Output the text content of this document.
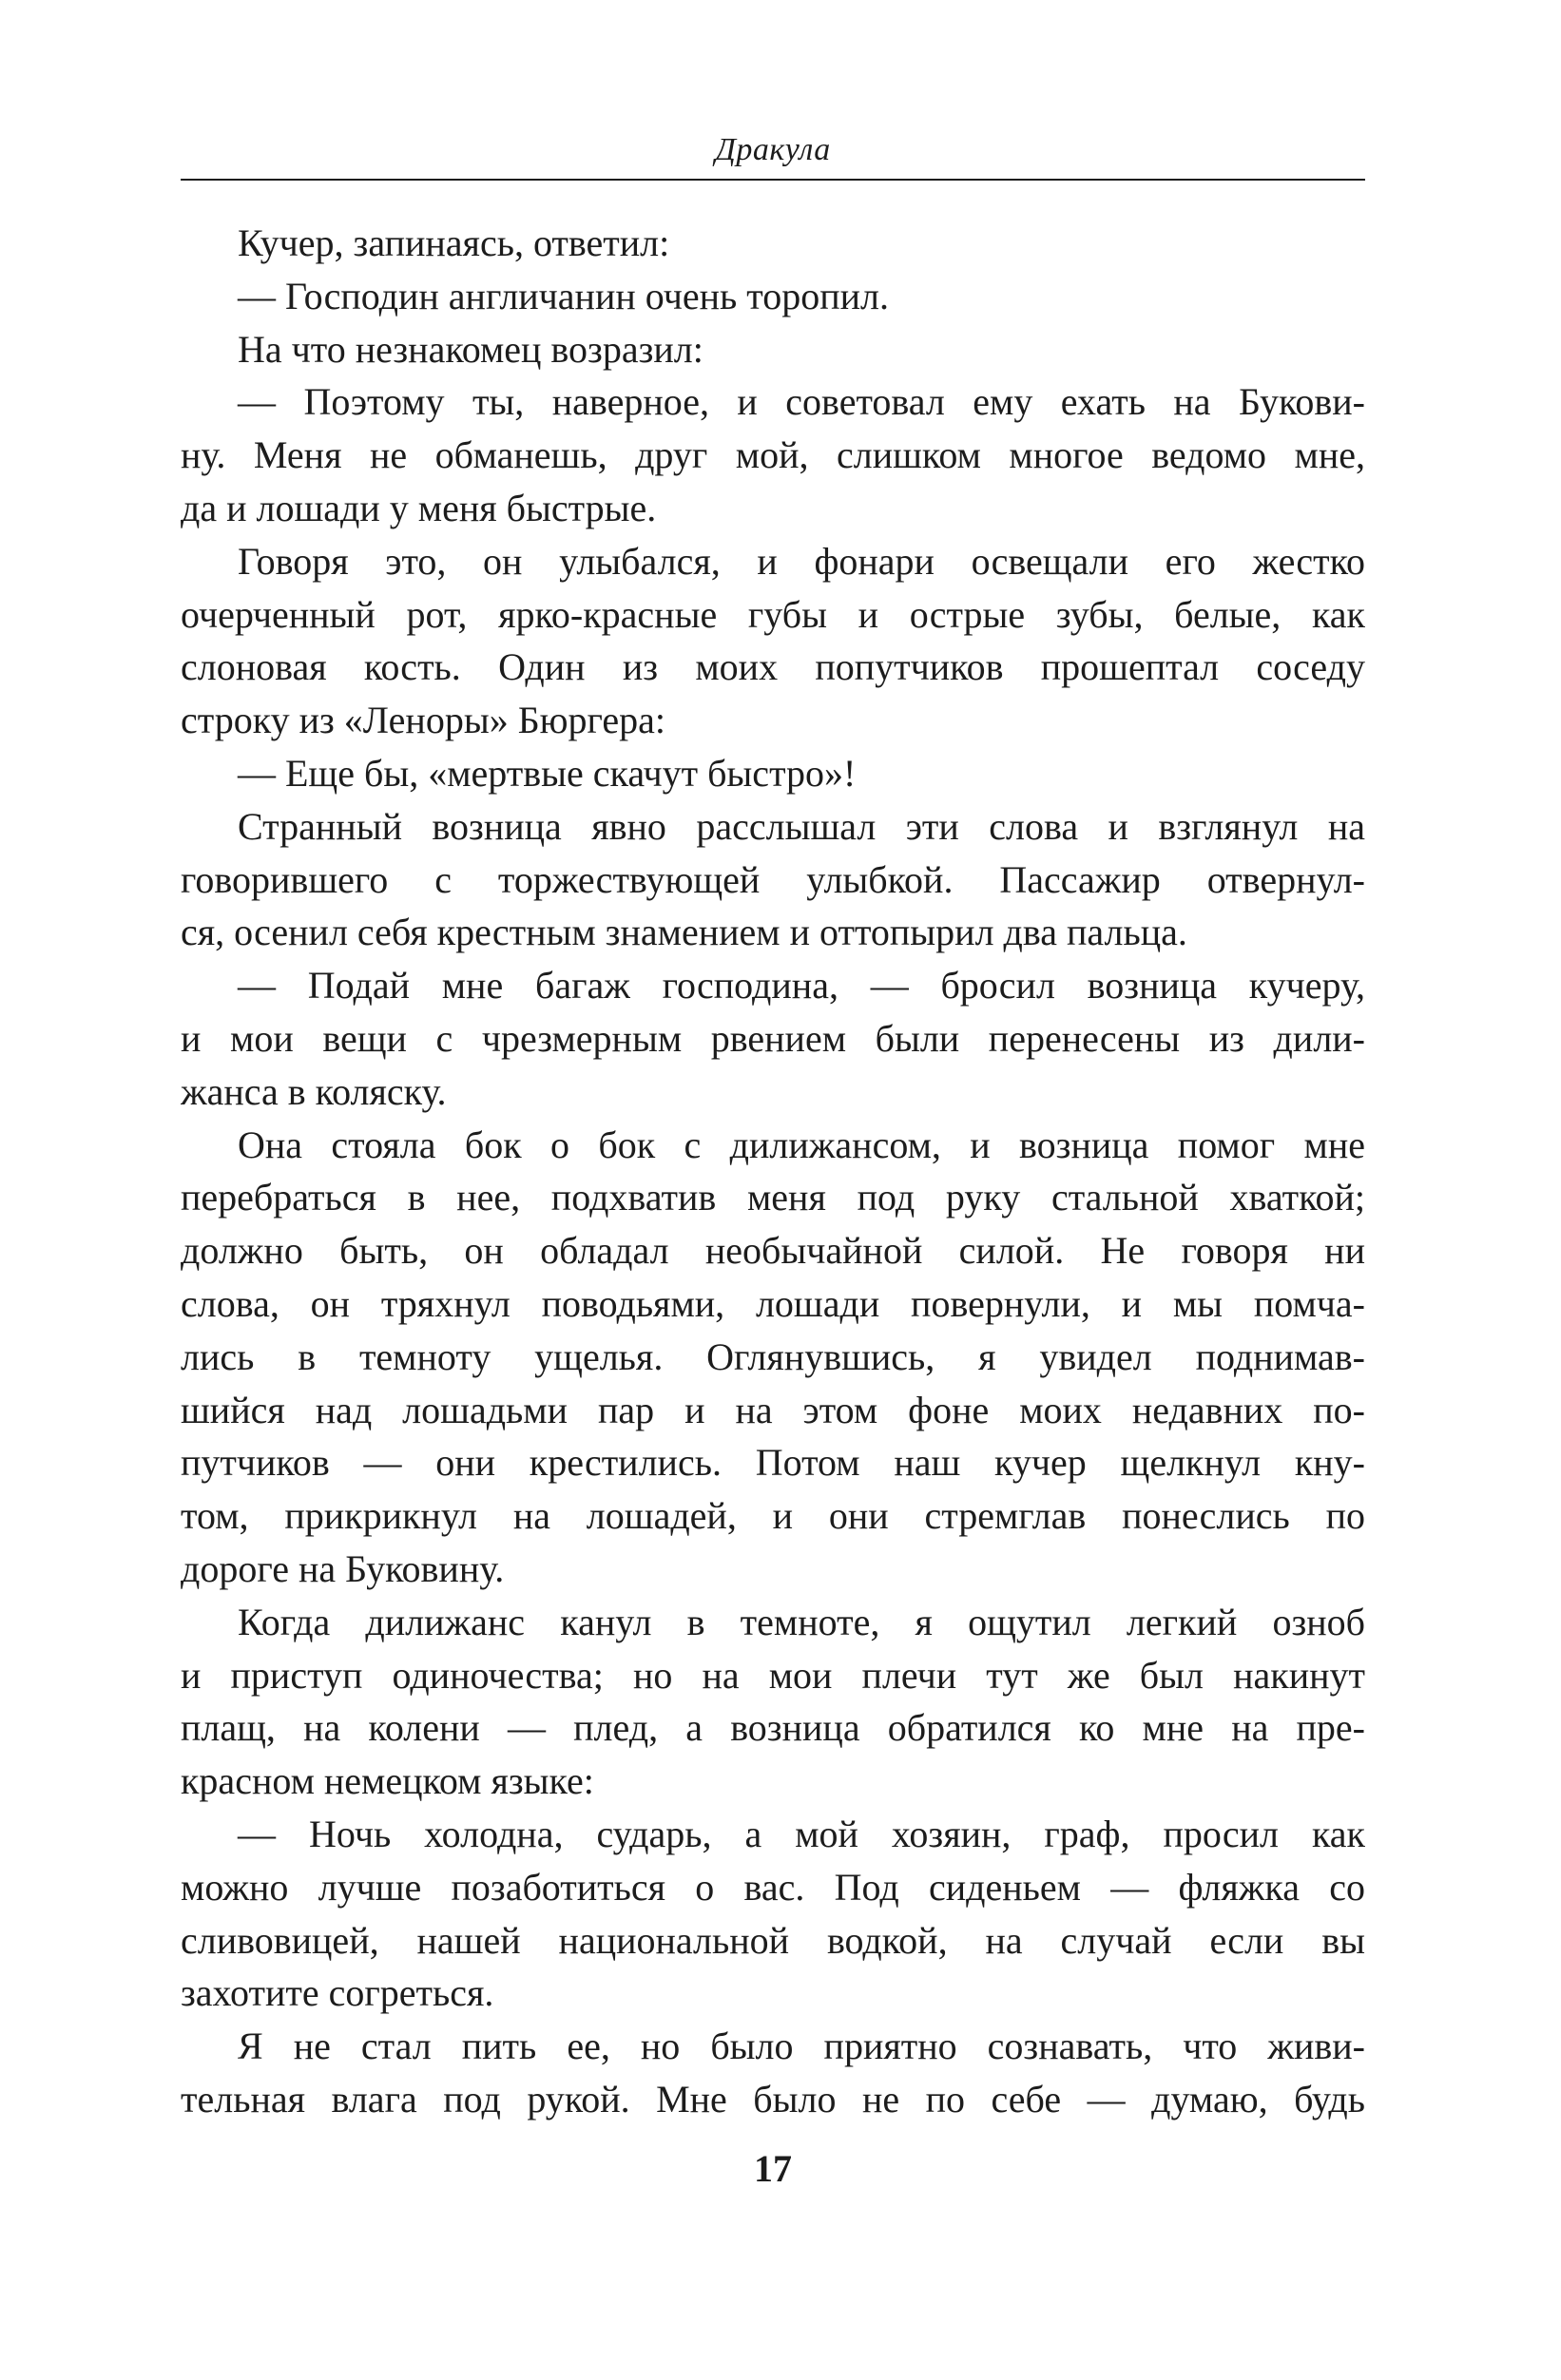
Дракула
Кучер, запинаясь, ответил:
— Господин англичанин очень торопил.
На что незнакомец возразил:
— Поэтому ты, наверное, и советовал ему ехать на Букови-
ну. Меня не обманешь, друг мой, слишком многое ведомо мне,
да и лошади у меня быстрые.
Говоря это, он улыбался, и фонари освещали его жестко
очерченный рот, ярко-красные губы и острые зубы, белые, как
слоновая кость. Один из моих попутчиков прошептал соседу
строку из «Леноры» Бюргера:
— Еще бы, «мертвые скачут быстро»!
Странный возница явно расслышал эти слова и взглянул на
говорившего с торжествующей улыбкой. Пассажир отвернул-
ся, осенил себя крестным знамением и оттопырил два пальца.
— Подай мне багаж господина, — бросил возница кучеру,
и мои вещи с чрезмерным рвением были перенесены из дили-
жанса в коляску.
Она стояла бок о бок с дилижансом, и возница помог мне
перебраться в нее, подхватив меня под руку стальной хваткой;
должно быть, он обладал необычайной силой. Не говоря ни
слова, он тряхнул поводьями, лошади повернули, и мы помча-
лись в темноту ущелья. Оглянувшись, я увидел поднимав-
шийся над лошадьми пар и на этом фоне моих недавних по-
путчиков — они крестились. Потом наш кучер щелкнул кну-
том, прикрикнул на лошадей, и они стремглав понеслись по
дороге на Буковину.
Когда дилижанс канул в темноте, я ощутил легкий озноб
и приступ одиночества; но на мои плечи тут же был накинут
плащ, на колени — плед, а возница обратился ко мне на пре-
красном немецком языке:
— Ночь холодна, сударь, а мой хозяин, граф, просил как
можно лучше позаботиться о вас. Под сиденьем — фляжка со
сливовицей, нашей национальной водкой, на случай если вы
захотите согреться.
Я не стал пить ее, но было приятно сознавать, что живи-
тельная влага под рукой. Мне было не по себе — думаю, будь
17
